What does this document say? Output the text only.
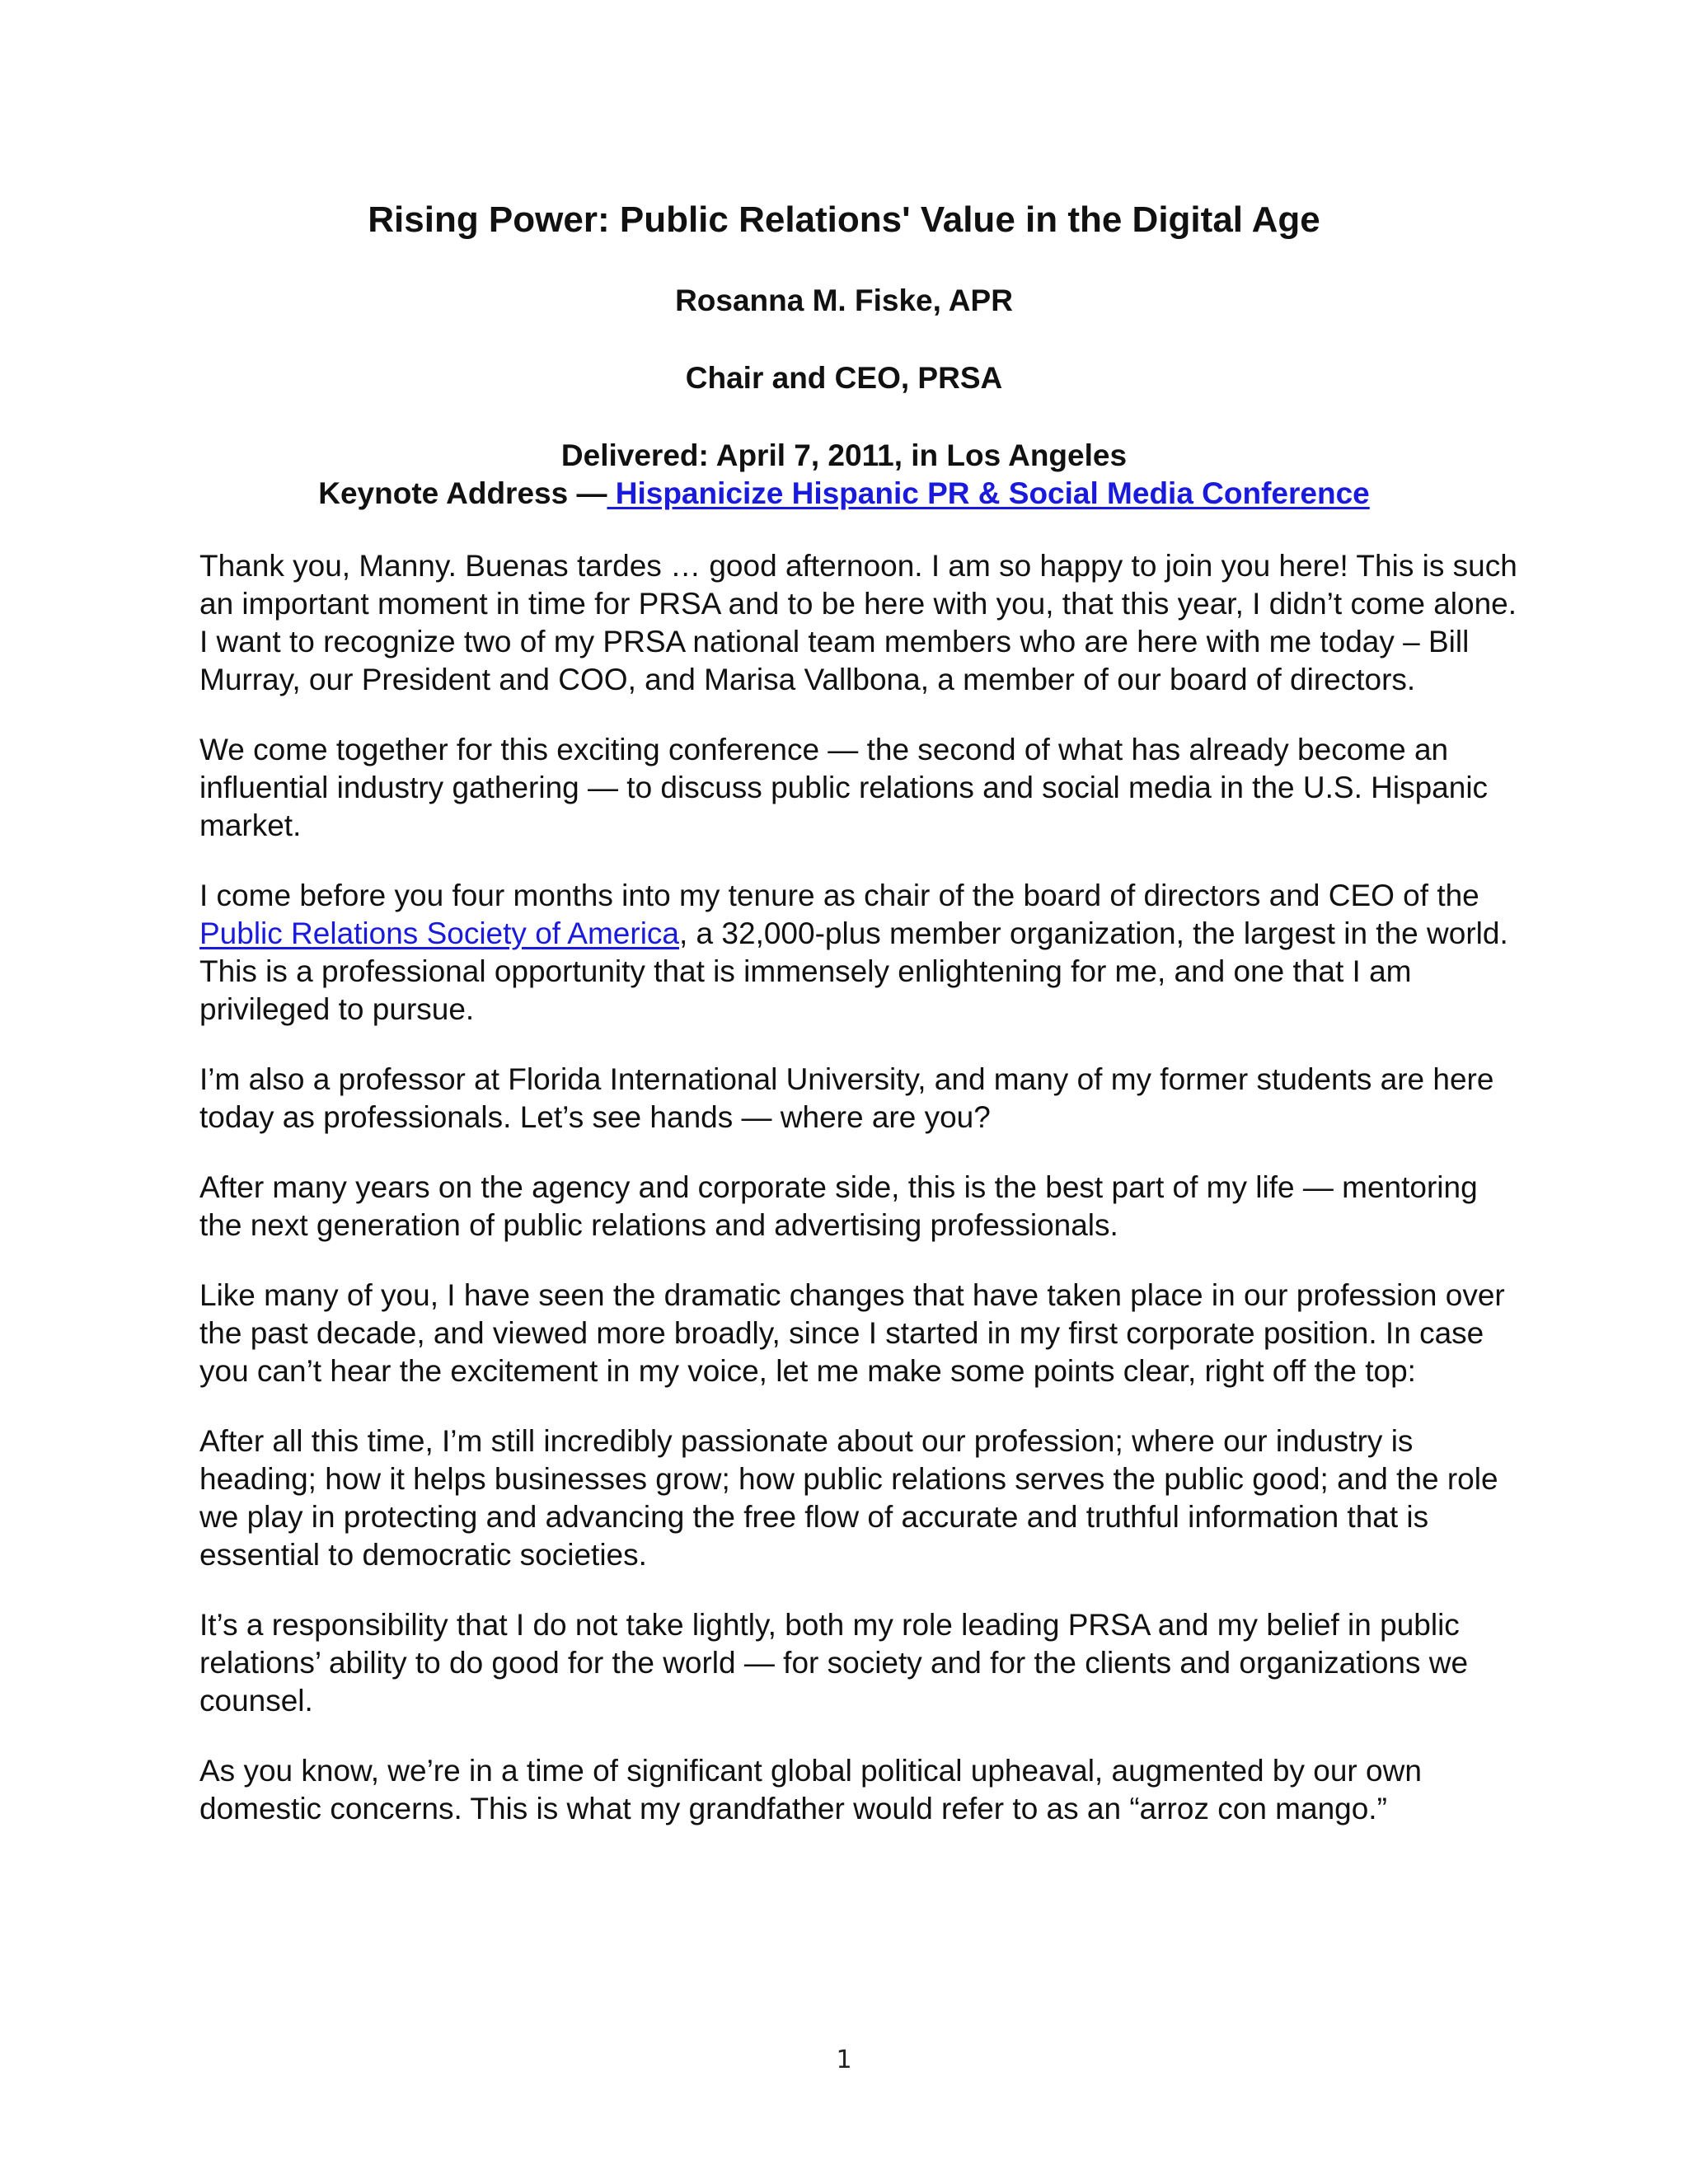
Rising Power: Public Relations' Value in the Digital Age
Rosanna M. Fiske, APR
Chair and CEO, PRSA
Delivered: April 7, 2011, in Los Angeles
Keynote Address — Hispanicize Hispanic PR & Social Media Conference

Thank you, Manny. Buenas tardes … good afternoon. I am so happy to join you here! This is such an important moment in time for PRSA and to be here with you, that this year, I didn’t come alone. I want to recognize two of my PRSA national team members who are here with me today – Bill Murray, our President and COO, and Marisa Vallbona, a member of our board of directors.

We come together for this exciting conference — the second of what has already become an influential industry gathering — to discuss public relations and social media in the U.S. Hispanic market.

I come before you four months into my tenure as chair of the board of directors and CEO of the Public Relations Society of America, a 32,000-plus member organization, the largest in the world. This is a professional opportunity that is immensely enlightening for me, and one that I am privileged to pursue.

I’m also a professor at Florida International University, and many of my former students are here today as professionals. Let’s see hands — where are you?

After many years on the agency and corporate side, this is the best part of my life — mentoring the next generation of public relations and advertising professionals.

Like many of you, I have seen the dramatic changes that have taken place in our profession over the past decade, and viewed more broadly, since I started in my first corporate position. In case you can’t hear the excitement in my voice, let me make some points clear, right off the top:

After all this time, I’m still incredibly passionate about our profession; where our industry is heading; how it helps businesses grow; how public relations serves the public good; and the role we play in protecting and advancing the free flow of accurate and truthful information that is essential to democratic societies.

It’s a responsibility that I do not take lightly, both my role leading PRSA and my belief in public relations’ ability to do good for the world — for society and for the clients and organizations we counsel.

As you know, we’re in a time of significant global political upheaval, augmented by our own domestic concerns. This is what my grandfather would refer to as an “arroz con mango.”

1
